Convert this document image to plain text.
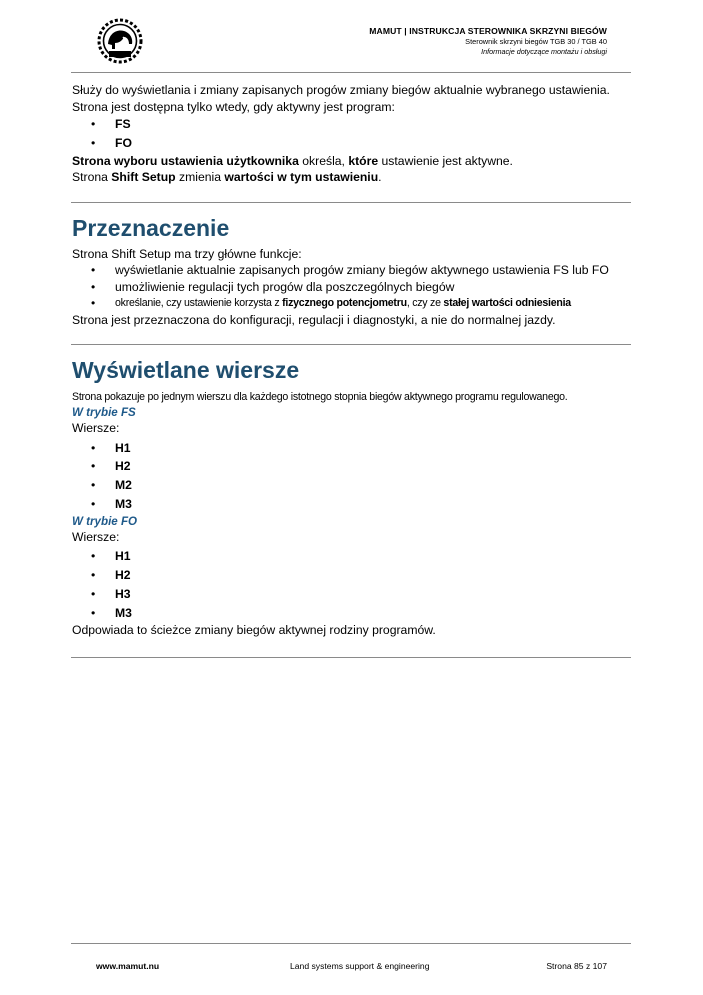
MAMUT | INSTRUKCJA STEROWNIKA SKRZYNI BIEGÓW
Sterownik skrzyni biegów TGB 30 / TGB 40
Informacje dotyczące montażu i obsługi

Służy do wyświetlania i zmiany zapisanych progów zmiany biegów aktualnie wybranego ustawienia.

Strona jest dostępna tylko wtedy, gdy aktywny jest program:

• FS
• FO

Strona wyboru ustawienia użytkownika określa, które ustawienie jest aktywne.

Strona Shift Setup zmienia wartości w tym ustawieniu.

Przeznaczenie

Strona Shift Setup ma trzy główne funkcje:

• wyświetlanie aktualnie zapisanych progów zmiany biegów aktywnego ustawienia FS lub FO
• umożliwienie regulacji tych progów dla poszczególnych biegów
• określanie, czy ustawienie korzysta z fizycznego potencjometru, czy ze stałej wartości odniesienia

Strona jest przeznaczona do konfiguracji, regulacji i diagnostyki, a nie do normalnej jazdy.

Wyświetlane wiersze

Strona pokazuje po jednym wierszu dla każdego istotnego stopnia biegów aktywnego programu regulowanego.

W trybie FS

Wiersze:

• H1
• H2
• M2
• M3
W trybie FO

Wiersze:

• H1
• H2
• H3
• M3

Odpowiada to ścieżce zmiany biegów aktywnej rodziny programów.

www.mamut.nu	Land systems support & engineering	Strona 85 z 107
